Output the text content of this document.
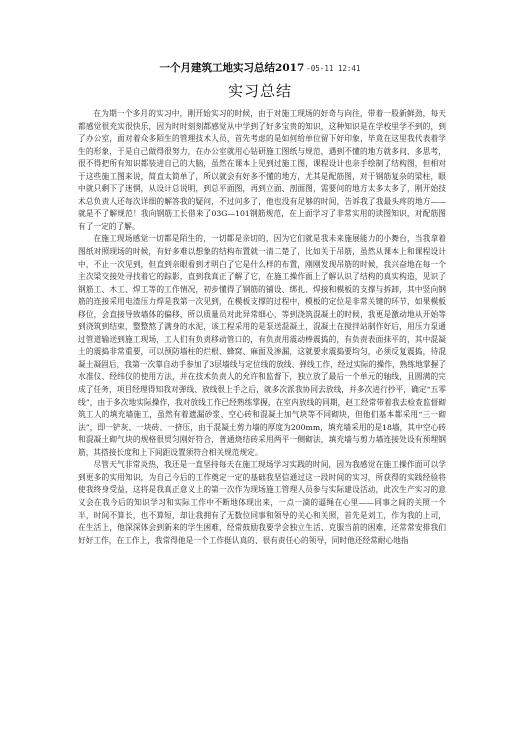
一个月建筑工地实习总结2017 -05-11 12:41
实习总结

在为期一个多月的实习中，刚开始实习的时候，由于对施工现场的好奇与向往，带着一股新鲜劲，每天都感觉很充实很快乐，因为时时刻刻都感觉从中学到了好多宝贵的知识，这种知识是在学校里学不到的，到了办公室，面对着众多陌生的管理技术人员，首先考虑的是如何给单位留下好印象，毕竟在这里我代表着学生的形象，于是自己做得很努力，在办公室就用心钻研施工图纸与规范，遇到不懂的地方就多问、多思考，很不得把所有知识都装进自己的大脑，虽然在课本上见到过施工图，课程设计也亲手绘制了结构图，但相对于这些施工图来说，简直太简单了，所以就会有好多不懂的地方，尤其是配筋图，对于钢筋复杂的梁柱，眼中就只剩下了迷惘，从设计总说明，到总平面图，再到立面、剖面图，需要问的地方太多太多了，刚开始技术总负责人还每次详细的解答我的疑问，不过问多了，他也没有足够的时间，告诉我了我最头疼的地方——就是不了解规范！我向钢筋工长借来了03G—101钢筋规范，在上面学习了非常实用的读图知识，对配筋图有了一定的了解。

在施工现场感觉一切都是陌生的，一切都是亲切的，因为它们就是我未来施展能力的小舞台，当我拿着图纸对照现场的时候，有好多难以想象的结构布置就一清二楚了，比如关于吊筋，虽然从课本上和课程设计中，不止一次见到，但直到亲眼看到才明白了它是什么样的布置，刚刚发现吊筋的时候，我兴奋地在每一个主次梁交接处寻找着它的踪影，直到我真正了解了它，在施工操作面上了解认识了结构的真实构造，见识了钢筋工、木工、焊工等的工作情况，初步懂得了钢筋的铺设、绑扎、焊接和模板的支撑与拆卸，其中竖向钢筋的连接采用电渣压力焊是我第一次见到，在模板支撑的过程中，模板的定位是非常关键的环节，如果模板移位，会直接导致墙体的偏移，所以质量员对此异常细心，等到浇筑混凝土的时候，我更是激动地从开始等到浇筑到结束，整整熬了满身的水泥，该工程采用的是泵送混凝土，混凝土在搅拌站制作好后，用压力泵通过管道输送到施工现场，工人们有负责移动管口的，有负责用震动棒震捣的，有负责表面抹平的，其中混凝土的震捣非常重要，可以预防墙柱的烂根、蜂窝、麻面及渗漏，这就要求震捣要均匀，必须反复震捣，待混凝土凝固后，我第一次靠自动手参加了3层墙线与定位线的放线、弹线工作，经过实际的操作，熟练地掌握了水准仪、经纬仪的使用方法，并在技术负责人的允许和监督下，独立放了最后一个单元的轴线，且圆满的完成了任务，项目经理得知我对弹线、放线很上手之后，就多次派我协同去放线，并多次进行抄平，确定“五零线”，由于多次地实际操作，我对放线工作已经熟练掌握，在室内放线的同期，赵工经常带着我去检查监督砌筑工人的填充墙施工，虽然有着遗漏砂浆、空心砖和混凝土加气块等不同砌块，但他们基本都采用“三一砌法”，即一铲灰、一块砖、一挤压，由于混凝土剪力墙的厚度为200mm，填充墙采用的是18墙，其中空心砖和混凝土砌气块的规格很贸匀刚好符合，普通烧结砖采用两平一侧砌法，填充墙与剪力墙连接处设有预埋钢筋，其搭接长度和上下间距设置须符合相关规范规定。

尽管天气非常炎热，我还是一直坚持每天在施工现场学习实践的时间，因为我感觉在施工操作面可以学到更多的实用知识，为自己今后的工作奠定一定的基础我坚信通过这一段时间的实习，所获得的实践经验将使我终身受益，这将是我真正意义上的第一次作为现场施工管理人员参与实际建设活动，此次生产实习的意义会在我今后的知识学习和实际工作中不断地体现出来，一点一滴的逼绳在心里——同事之间的关照一个半，时间不算长，也不算短，却让我拥有了无数位同事和领导的关心和关照，首先是刘工，作为我的上司，在生活上，他深深体会到新来的学生困难，经常鼓励我要学会独立生活、克服当前的困难，还常常安排我们好好工作，在工作上，我常得他是一个工作挺认真的、很有责任心的领导，同时他还经常耐心地指
